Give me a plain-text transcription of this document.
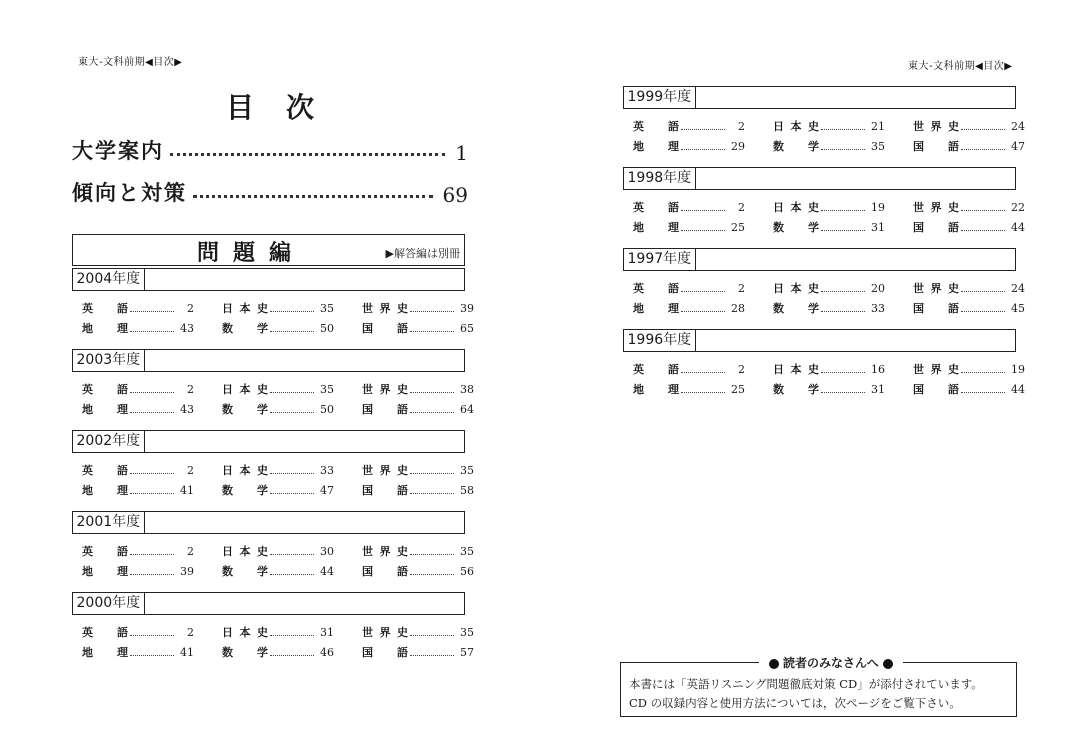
東大-文科前期◀目次▶
目次
大学案内	1
傾向と対策	69
問題編	▶解答編は別冊
2004年度
英語	2	日本史	35	世界史	39
地理	43	数学	50	国語	65
2003年度
英語	2	日本史	35	世界史	38
地理	43	数学	50	国語	64
2002年度
英語	2	日本史	33	世界史	35
地理	41	数学	47	国語	58
2001年度
英語	2	日本史	30	世界史	35
地理	39	数学	44	国語	56
2000年度
英語	2	日本史	31	世界史	35
地理	41	数学	46	国語	57
東大-文科前期◀目次▶
1999年度
英語	2	日本史	21	世界史	24
地理	29	数学	35	国語	47
1998年度
英語	2	日本史	19	世界史	22
地理	25	数学	31	国語	44
1997年度
英語	2	日本史	20	世界史	24
地理	28	数学	33	国語	45
1996年度
英語	2	日本史	16	世界史	19
地理	25	数学	31	国語	44
読者のみなさんへ
本書には「英語リスニング問題徹底対策 CD」が添付されています。
CD の収録内容と使用方法については，次ページをご覧下さい。
